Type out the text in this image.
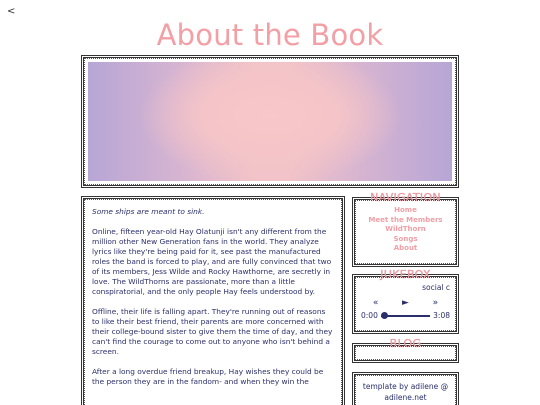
<
About the Book

Some ships are meant to sink.

Online, fifteen year-old Hay Olatunji isn't any different from the million other New Generation fans in the world. They analyze lyrics like they're being paid for it, see past the manufactured roles the band is forced to play, and are fully convinced that two of its members, Jess Wilde and Rocky Hawthorne, are secretly in love. The WildThorns are passionate, more than a little conspiratorial, and the only people Hay feels understood by.

Offline, their life is falling apart. They're running out of reasons to like their best friend, their parents are more concerned with their college-bound sister to give them the time of day, and they can't find the courage to come out to anyone who isn't behind a screen.

After a long overdue friend breakup, Hay wishes they could be the person they are in the fandom- and when they win the

NAVIGATION
Home
Meet the Members
WildThorn
Songs
About
JUKEBOX
social c
«	►	»
0:00	3:08
BLOG
template by adilene @
adilene.net
